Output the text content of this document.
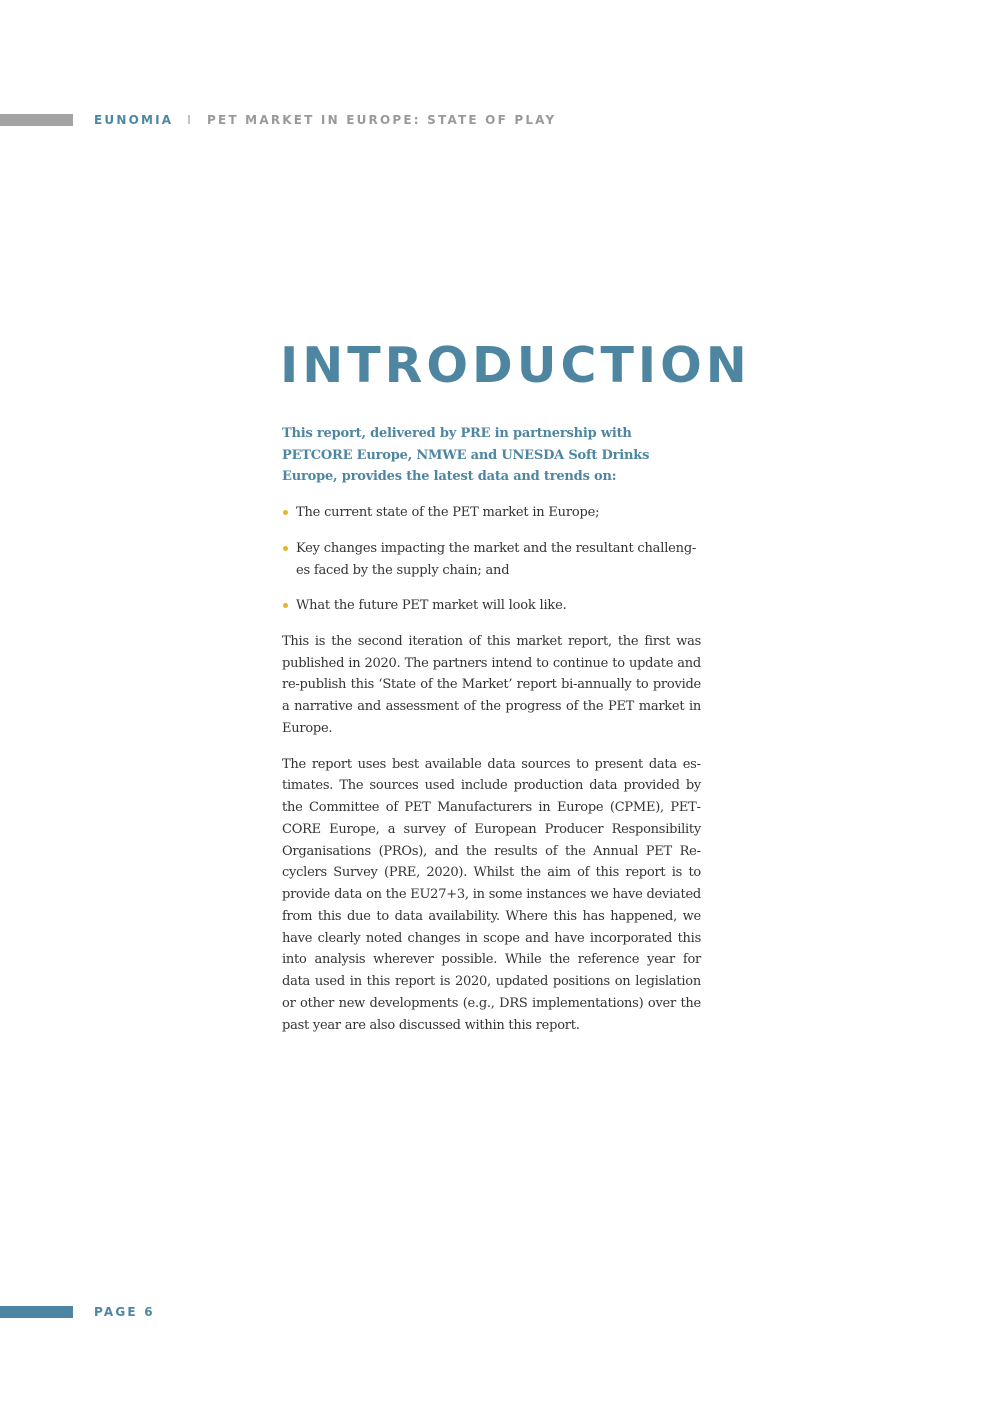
EUNOMIA I PET MARKET IN EUROPE: STATE OF PLAY
INTRODUCTION

This report, delivered by PRE in partnership with PETCORE Europe, NMWE and UNESDA Soft Drinks Europe, provides the latest data and trends on:

The current state of the PET market in Europe;
Key changes impacting the market and the resultant challenges faced by the supply chain; and
What the future PET market will look like.

This is the second iteration of this market report, the first was published in 2020. The partners intend to continue to update and re-publish this ‘State of the Market’ report bi-annually to provide a narrative and assessment of the progress of the PET market in Europe.

The report uses best available data sources to present data estimates. The sources used include production data provided by the Committee of PET Manufacturers in Europe (CPME), PETCORE Europe, a survey of European Producer Responsibility Organisations (PROs), and the results of the Annual PET Recyclers Survey (PRE, 2020). Whilst the aim of this report is to provide data on the EU27+3, in some instances we have deviated from this due to data availability. Where this has happened, we have clearly noted changes in scope and have incorporated this into analysis wherever possible. While the reference year for data used in this report is 2020, updated positions on legislation or other new developments (e.g., DRS implementations) over the past year are also discussed within this report.

PAGE 6
